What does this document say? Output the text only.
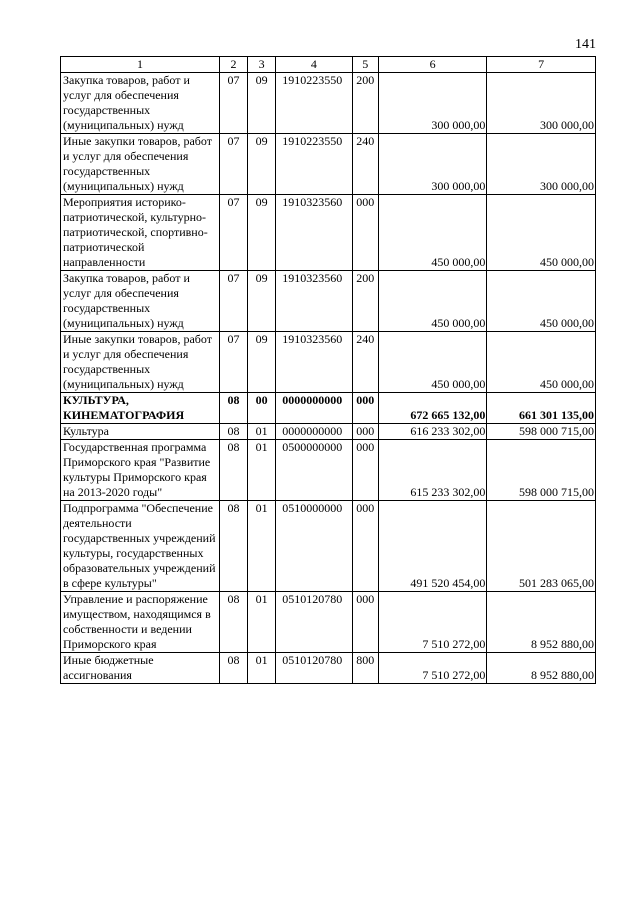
141
1	2	3	4	5	6	7
Закупка товаров, работ и услуг для обеспечения государственных (муниципальных) нужд	07	09	1910223550	200	300 000,00	300 000,00
Иные закупки товаров, работ и услуг для обеспечения государственных (муниципальных) нужд	07	09	1910223550	240	300 000,00	300 000,00
Мероприятия историко-патриотической, культурно-патриотической, спортивно-патриотической направленности	07	09	1910323560	000	450 000,00	450 000,00
Закупка товаров, работ и услуг для обеспечения государственных (муниципальных) нужд	07	09	1910323560	200	450 000,00	450 000,00
Иные закупки товаров, работ и услуг для обеспечения государственных (муниципальных) нужд	07	09	1910323560	240	450 000,00	450 000,00
КУЛЬТУРА, КИНЕМАТОГРАФИЯ	08	00	0000000000	000	672 665 132,00	661 301 135,00
Культура	08	01	0000000000	000	616 233 302,00	598 000 715,00
Государственная программа Приморского края "Развитие культуры Приморского края на 2013-2020 годы"	08	01	0500000000	000	615 233 302,00	598 000 715,00
Подпрограмма "Обеспечение деятельности государственных учреждений культуры, государственных образовательных учреждений в сфере культуры"	08	01	0510000000	000	491 520 454,00	501 283 065,00
Управление и распоряжение имуществом, находящимся в собственности и ведении Приморского края	08	01	0510120780	000	7 510 272,00	8 952 880,00
Иные бюджетные ассигнования	08	01	0510120780	800	7 510 272,00	8 952 880,00
